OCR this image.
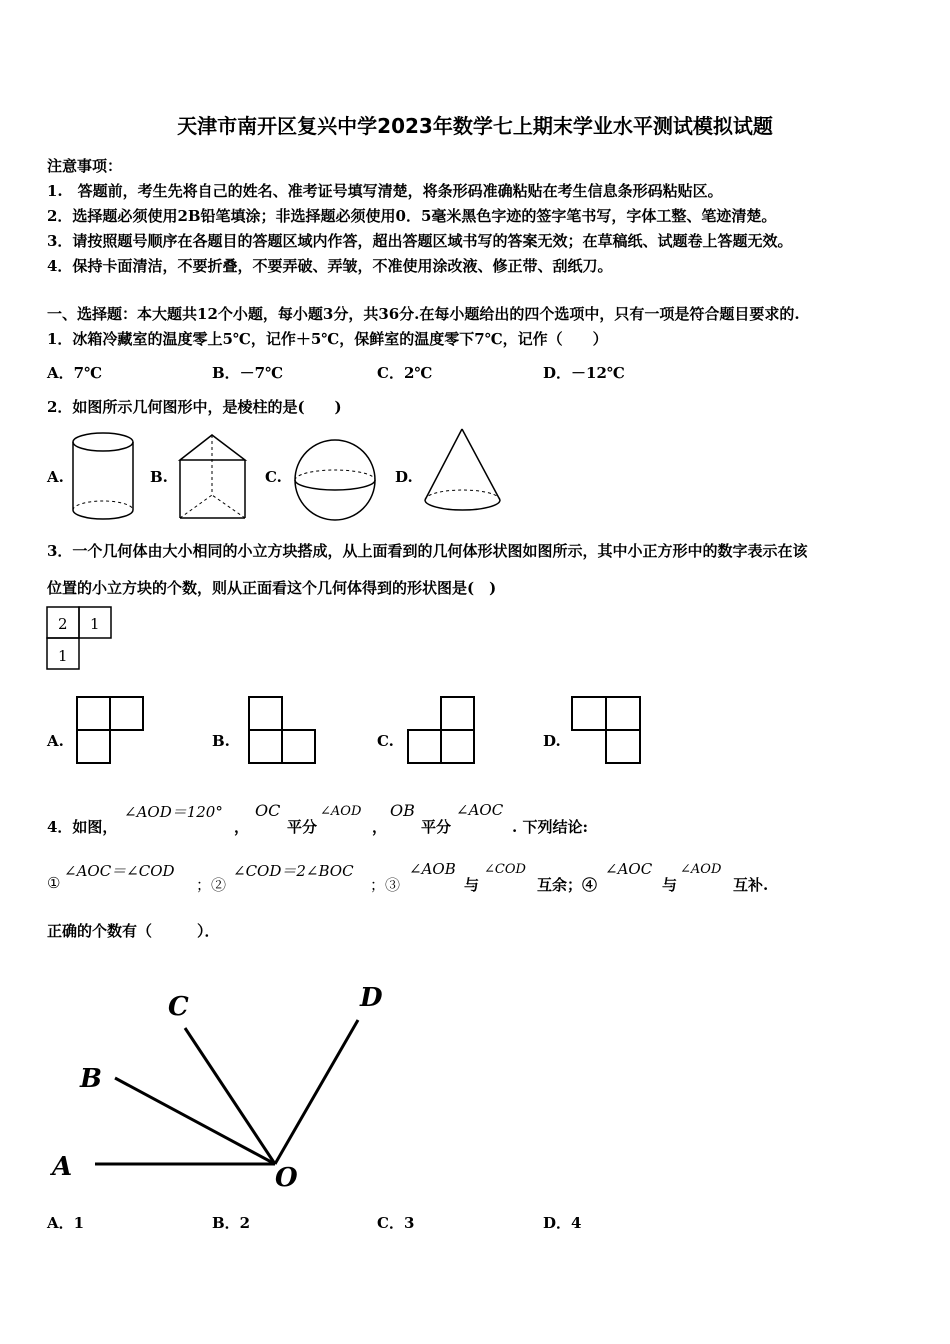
天津市南开区复兴中学2023年数学七上期末学业水平测试模拟试题
注意事项：
1.　答题前，考生先将自己的姓名、准考证号填写清楚，将条形码准确粘贴在考生信息条形码粘贴区。
2．选择题必须使用2B铅笔填涂；非选择题必须使用0．5毫米黑色字迹的签字笔书写，字体工整、笔迹清楚。
3．请按照题号顺序在各题目的答题区域内作答，超出答题区域书写的答案无效；在草稿纸、试题卷上答题无效。
4．保持卡面清洁，不要折叠，不要弄破、弄皱，不准使用涂改液、修正带、刮纸刀。
一、选择题：本大题共12个小题，每小题3分，共36分.在每小题给出的四个选项中，只有一项是符合题目要求的.
1．冰箱冷藏室的温度零上5℃，记作＋5℃，保鲜室的温度零下7℃，记作（　　）
A．7℃	B．－7℃	C．2℃	D．－12℃
2．如图所示几何图形中，是棱柱的是(　　)
A.	B.	C.	D.
3．一个几何体由大小相同的小立方块搭成，从上面看到的几何体形状图如图所示，其中小正方形中的数字表示在该
位置的小立方块的个数，则从正面看这个几何体得到的形状图是(　)
2 1
1
A.	B.	C.	D.
4．如图，
∠AOD＝120°
，
OC
平分
∠AOD
，
OB
平分
∠AOC
. 下列结论:
①
∠AOC＝∠COD
；②
∠COD＝2∠BOC
；③
∠AOB
与
∠COD
互余；④
∠AOC
与
∠AOD
互补.
正确的个数有（　　　）．
A
B
C	D
O
A．1	B．2	C．3	D．4
